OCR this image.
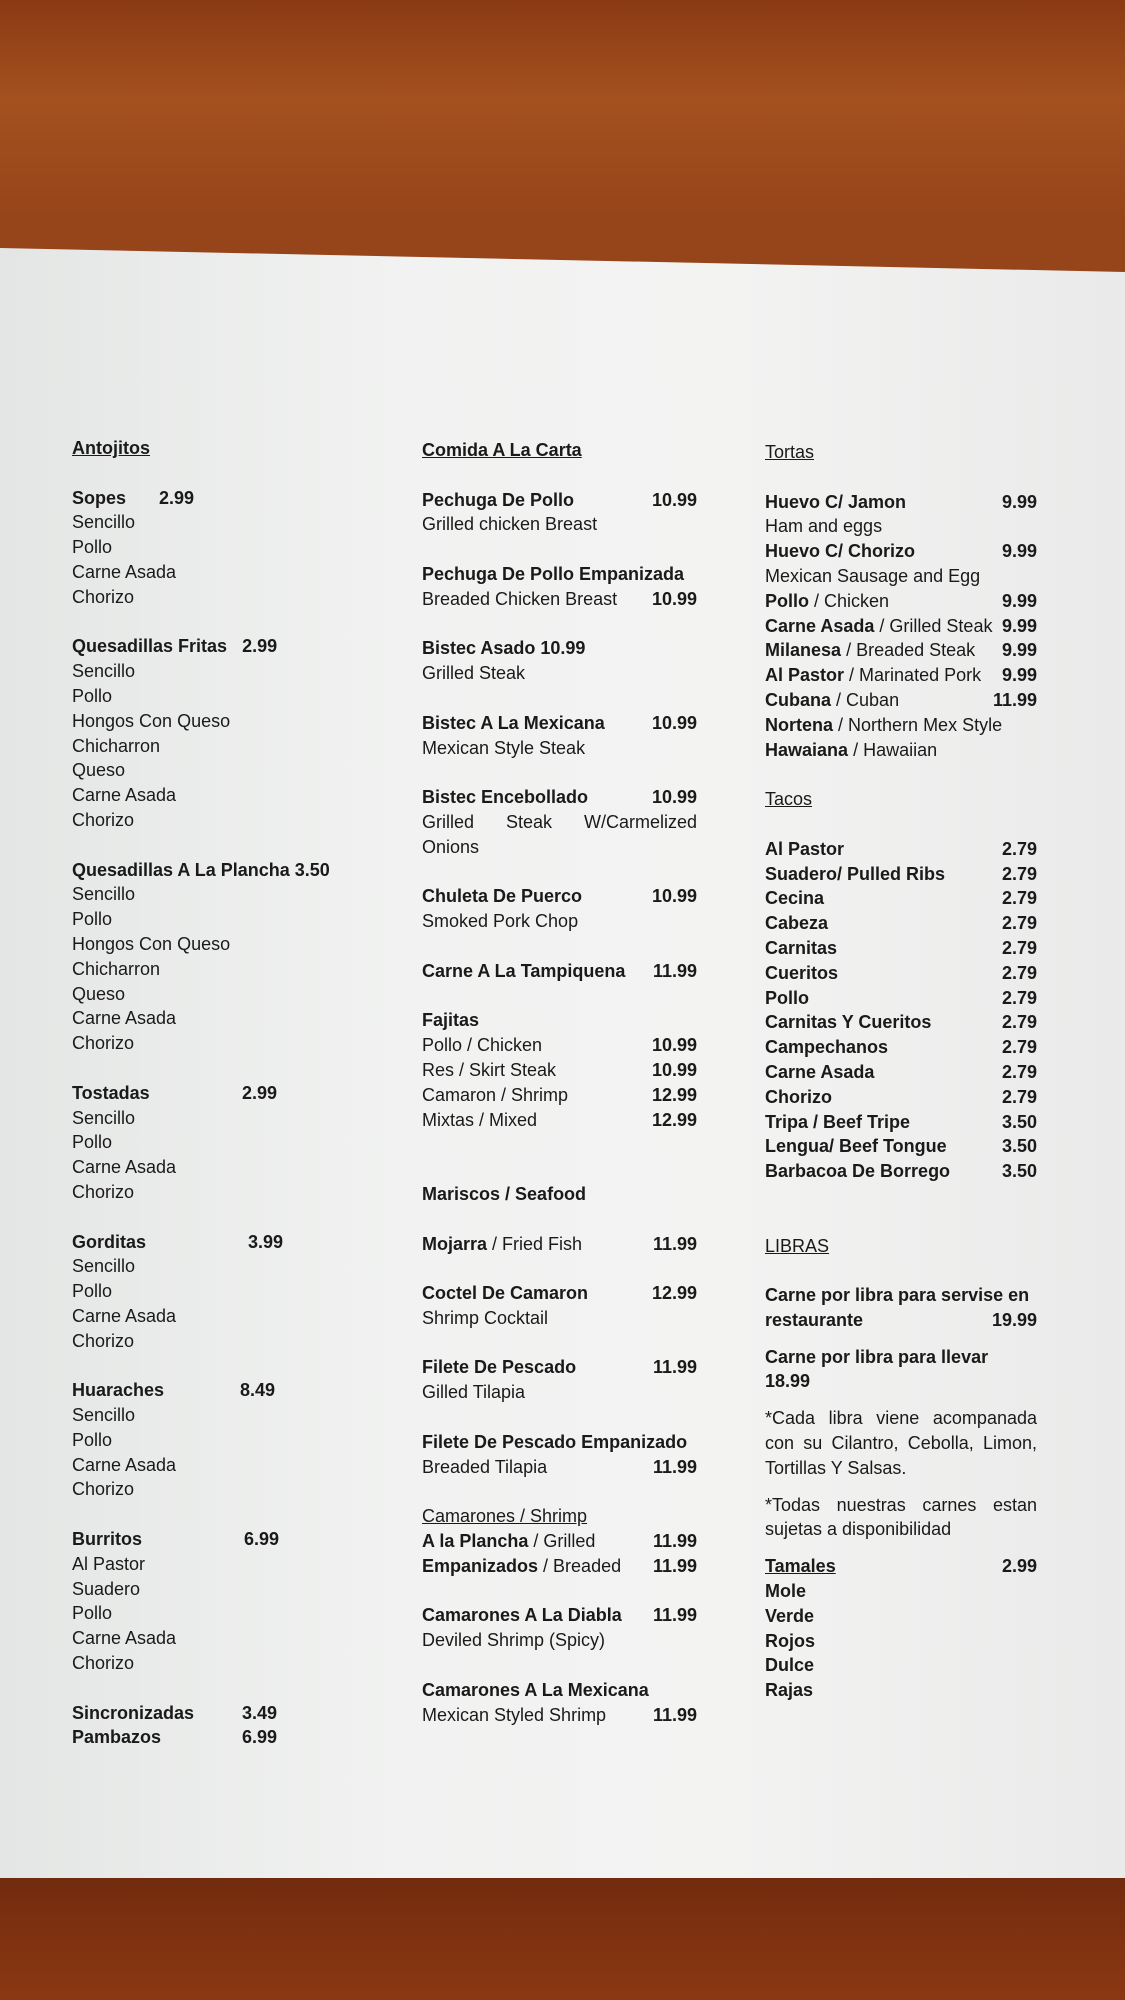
Antojitos
Sopes 2.99
Sencillo
Pollo
Carne Asada
Chorizo
Quesadillas Fritas 2.99
Sencillo
Pollo
Hongos Con Queso
Chicharron
Queso
Carne Asada
Chorizo
Quesadillas A La Plancha 3.50
Sencillo
Pollo
Hongos Con Queso
Chicharron
Queso
Carne Asada
Chorizo
Tostadas	2.99
Sencillo
Pollo
Carne Asada
Chorizo
Gorditas	3.99
Sencillo
Pollo
Carne Asada
Chorizo
Huaraches	8.49
Sencillo
Pollo
Carne Asada
Chorizo
Burritos	6.99
Al Pastor
Suadero
Pollo
Carne Asada
Chorizo
Sincronizadas	3.49
Pambazos	6.99
Comida A La Carta
Pechuga De Pollo	10.99
Grilled chicken Breast
Pechuga De Pollo Empanizada
Breaded Chicken Breast 10.99
Bistec Asado 10.99
Grilled Steak
Bistec A La Mexicana	10.99
Mexican Style Steak
Bistec Encebollado	10.99
Grilled Steak W/Carmelized Onions
Chuleta De Puerco	10.99
Smoked Pork Chop
Carne A La Tampiquena 11.99
Fajitas
Pollo / Chicken	10.99
Res / Skirt Steak	10.99
Camaron / Shrimp	12.99
Mixtas / Mixed	12.99
Mariscos / Seafood
Mojarra / Fried Fish	11.99
Coctel De Camaron	12.99
Shrimp Cocktail
Filete De Pescado	11.99
Gilled Tilapia
Filete De Pescado Empanizado
Breaded Tilapia	11.99
Camarones / Shrimp
A la Plancha / Grilled	11.99
Empanizados / Breaded 11.99
Camarones A La Diabla 11.99
Deviled Shrimp (Spicy)
Camarones A La Mexicana
Mexican Styled Shrimp	11.99
Tortas
Huevo C/ Jamon	9.99
Ham and eggs
Huevo C/ Chorizo	9.99
Mexican Sausage and Egg
Pollo / Chicken	9.99
Carne Asada / Grilled Steak 9.99
Milanesa / Breaded Steak	9.99
Al Pastor / Marinated Pork	9.99
Cubana / Cuban	11.99
Nortena / Northern Mex Style
Hawaiana / Hawaiian
Tacos
Al Pastor	2.79
Suadero/ Pulled Ribs	2.79
Cecina	2.79
Cabeza	2.79
Carnitas	2.79
Cueritos	2.79
Pollo	2.79
Carnitas Y Cueritos	2.79
Campechanos	2.79
Carne Asada	2.79
Chorizo	2.79
Tripa / Beef Tripe	3.50
Lengua/ Beef Tongue	3.50
Barbacoa De Borrego	3.50
LIBRAS
Carne por libra para servise en
restaurante	19.99
Carne por libra para llevar 18.99
*Cada libra viene acompanada con su Cilantro, Cebolla, Limon, Tortillas Y Salsas.
*Todas nuestras carnes estan sujetas a disponibilidad
Tamales	2.99
Mole
Verde
Rojos
Dulce
Rajas
